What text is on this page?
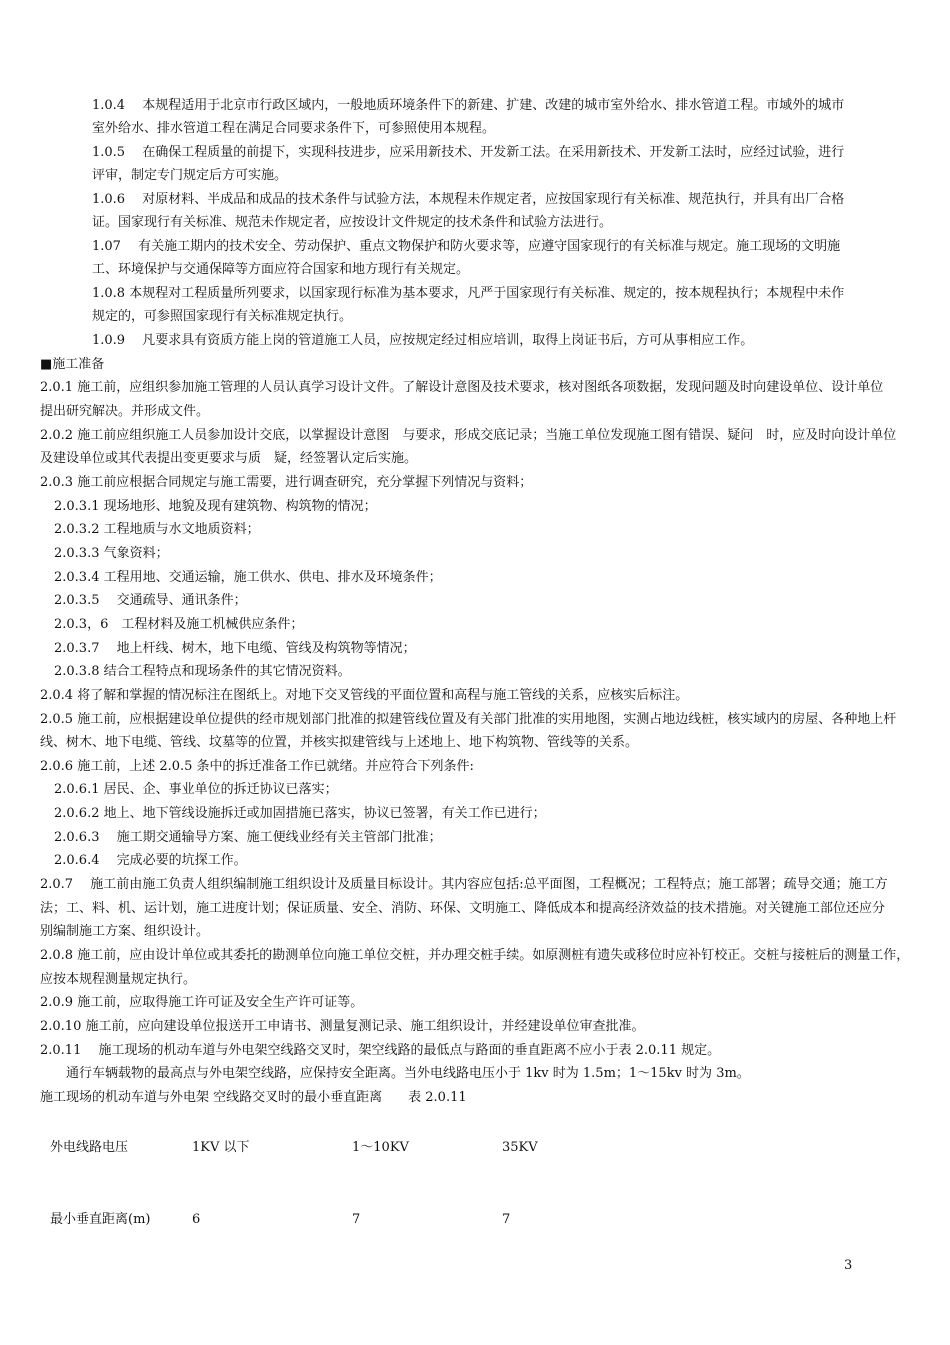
1.0.4　 本规程适用于北京市行政区域内，一般地质环境条件下的新建、扩建、改建的城市室外给水、排水管道工程。市域外的城市
室外给水、排水管道工程在满足合同要求条件下，可参照使用本规程。
1.0.5　 在确保工程质量的前提下，实现科技进步，应采用新技术、开发新工法。在采用新技术、开发新工法时，应经过试验，进行
评审，制定专门规定后方可实施。
1.0.6　 对原材料、半成品和成品的技术条件与试验方法，本规程未作规定者，应按国家现行有关标准、规范执行，并具有出厂合格
证。国家现行有关标准、规范未作规定者，应按设计文件规定的技术条件和试验方法进行。
1.07　 有关施工期内的技术安全、劳动保护、重点文物保护和防火要求等，应遵守国家现行的有关标准与规定。施工现场的文明施
工、环境保护与交通保障等方面应符合国家和地方现行有关规定。
1.0.8 本规程对工程质量所列要求，以国家现行标准为基本要求，凡严于国家现行有关标准、规定的，按本规程执行；本规程中未作
规定的，可参照国家现行有关标准规定执行。
1.0.9　 凡要求具有资质方能上岗的管道施工人员，应按规定经过相应培训，取得上岗证书后，方可从事相应工作。
■施工准备
2.0.1 施工前，应组织参加施工管理的人员认真学习设计文件。了解设计意图及技术要求，核对图纸各项数据，发现问题及时向建设单位、设计单位
提出研究解决。并形成文件。
2.0.2 施工前应组织施工人员参加设计交底，以掌握设计意图　与要求，形成交底记录；当施工单位发现施工图有错误、疑问　时，应及时向设计单位
及建设单位或其代表提出变更要求与质　疑，经签署认定后实施。
2.0.3 施工前应根据合同规定与施工需要，进行调查研究，充分掌握下列情况与资料；
2.0.3.1 现场地形、地貌及现有建筑物、构筑物的情况；
2.0.3.2 工程地质与水文地质资料；
2.0.3.3 气象资料；
2.0.3.4 工程用地、交通运输，施工供水、供电、排水及环境条件；
2.0.3.5　 交通疏导、通讯条件；
2.0.3，6　工程材料及施工机械供应条件；
2.0.3.7　 地上杆线、树木，地下电缆、管线及构筑物等情况；
2.0.3.8 结合工程特点和现场条件的其它情况资料。
2.0.4 将了解和掌握的情况标注在图纸上。对地下交叉管线的平面位置和高程与施工管线的关系，应核实后标注。
2.0.5 施工前，应根据建设单位提供的经市规划部门批准的拟建管线位置及有关部门批准的实用地图，实测占地边线桩，核实域内的房屋、各种地上杆
线、树木、地下电缆、管线、坟墓等的位置，并核实拟建管线与上述地上、地下构筑物、管线等的关系。
2.0.6 施工前，上述 2.0.5 条中的拆迁准备工作已就绪。并应符合下列条件:
2.0.6.1 居民、企、事业单位的拆迁协议已落实；
2.0.6.2 地上、地下管线设施拆迁或加固措施已落实，协议已签署，有关工作已进行；
2.0.6.3　 施工期交通输导方案、施工便线业经有关主管部门批准；
2.0.6.4　 完成必要的坑探工作。
2.0.7　 施工前由施工负责人组织编制施工组织设计及质量目标设计。其内容应包括:总平面图，工程概况；工程特点；施工部署；疏导交通；施工方
法；工、料、机、运计划，施工进度计划；保证质量、安全、消防、环保、文明施工、降低成本和提高经济效益的技术措施。对关键施工部位还应分
别编制施工方案、组织设计。
2.0.8 施工前，应由设计单位或其委托的勘测单位向施工单位交桩，并办理交桩手续。如原测桩有遗失或移位时应补钉校正。交桩与接桩后的测量工作，
应按本规程测量规定执行。
2.0.9 施工前，应取得施工许可证及安全生产许可证等。
2.0.10 施工前，应向建设单位报送开工申请书、测量复测记录、施工组织设计，并经建设单位审查批准。
2.0.11　 施工现场的机动车道与外电架空线路交叉时，架空线路的最低点与路面的垂直距离不应小于表 2.0.11 规定。
通行车辆载物的最高点与外电架空线路，应保持安全距离。当外电线路电压小于 1kv 时为 1.5m；1～15kv 时为 3m。
施工现场的机动车道与外电架 空线路交叉时的最小垂直距离　　表 2.0.11
外电线路电压	1KV 以下	1～10KV	35KV
最小垂直距离(m)	6	7	7
3
